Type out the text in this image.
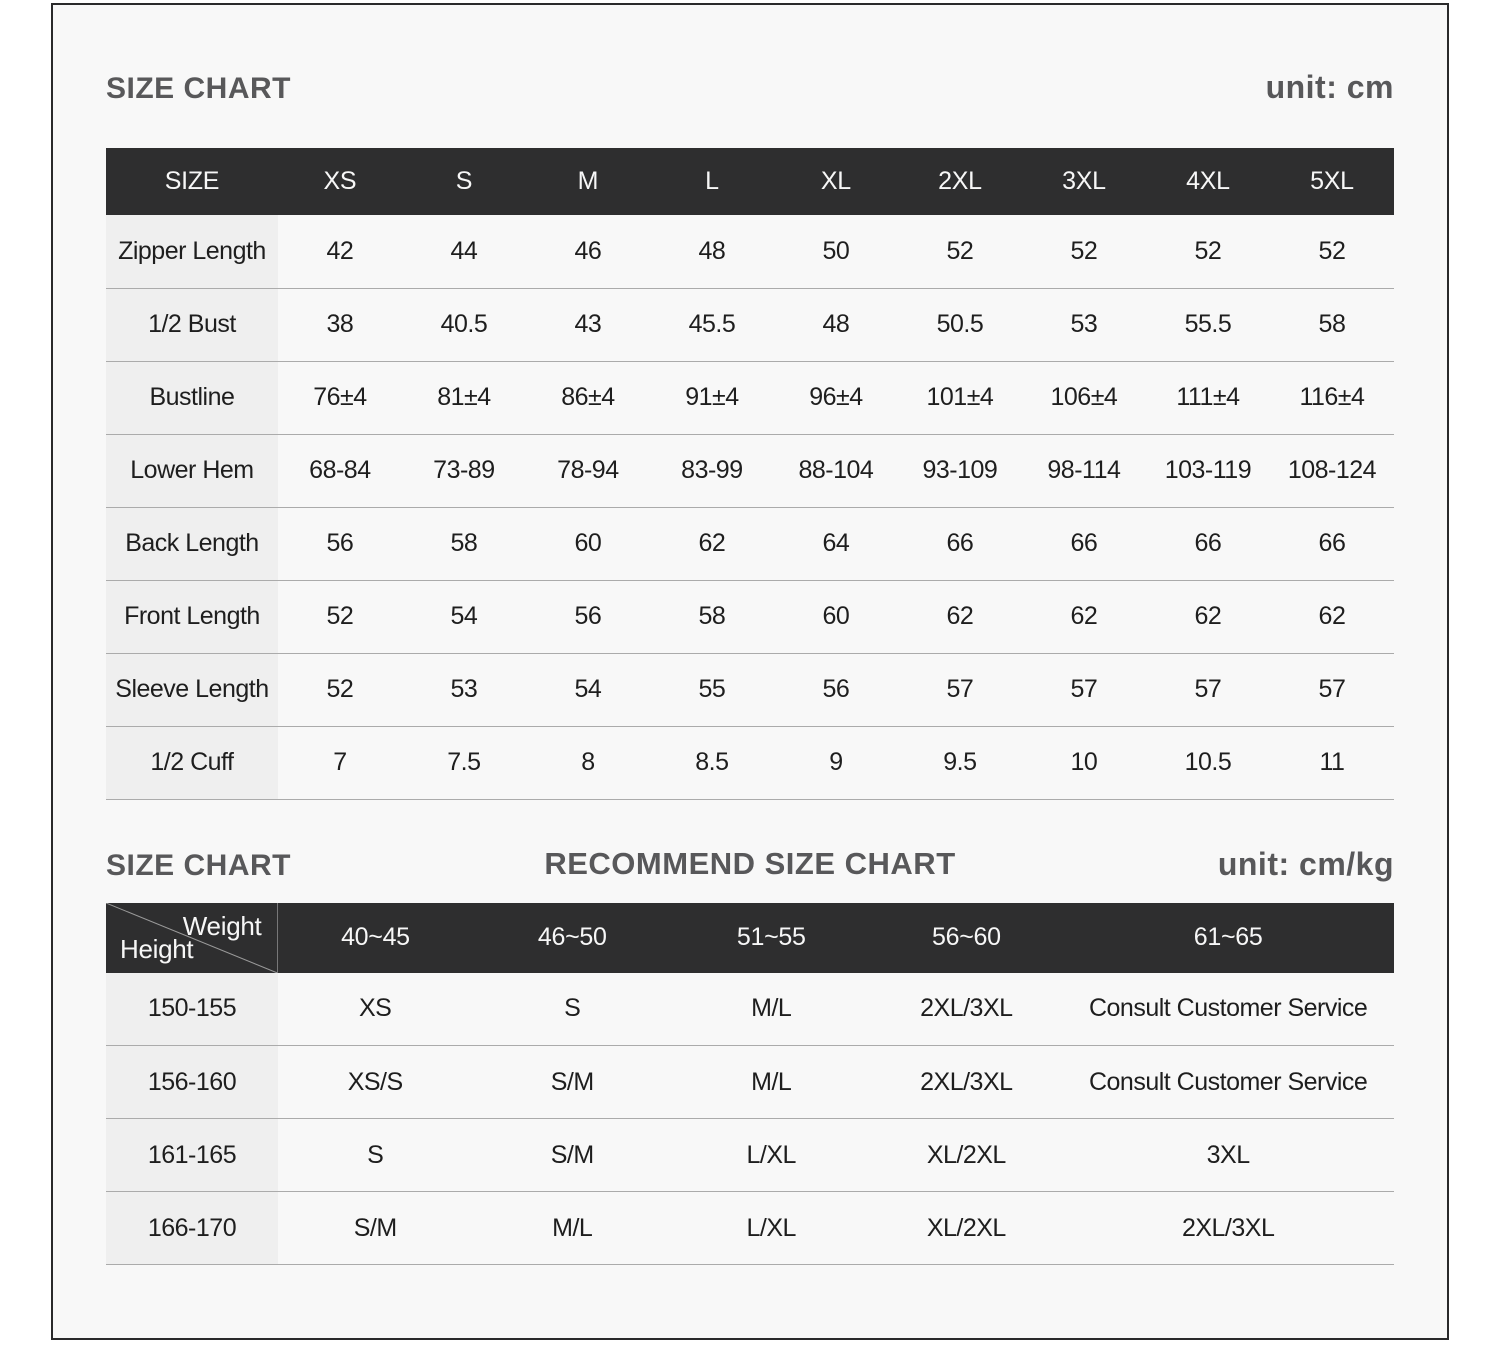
SIZE CHART	unit: cm
SIZE	XS	S	M	L	XL	2XL	3XL	4XL	5XL
Zipper Length	42	44	46	48	50	52	52	52	52
1/2 Bust	38	40.5	43	45.5	48	50.5	53	55.5	58
Bustline	76±4	81±4	86±4	91±4	96±4	101±4	106±4	111±4	116±4
Lower Hem	68-84	73-89	78-94	83-99	88-104	93-109	98-114	103-119	108-124
Back Length	56	58	60	62	64	66	66	66	66
Front Length	52	54	56	58	60	62	62	62	62
Sleeve Length	52	53	54	55	56	57	57	57	57
1/2 Cuff	7	7.5	8	8.5	9	9.5	10	10.5	11
SIZE CHART	RECOMMEND SIZE CHART	unit: cm/kg
Weight
Height	40~45	46~50	51~55	56~60	61~65
150-155	XS	S	M/L	2XL/3XL	Consult Customer Service
156-160	XS/S	S/M	M/L	2XL/3XL	Consult Customer Service
161-165	S	S/M	L/XL	XL/2XL	3XL
166-170	S/M	M/L	L/XL	XL/2XL	2XL/3XL
